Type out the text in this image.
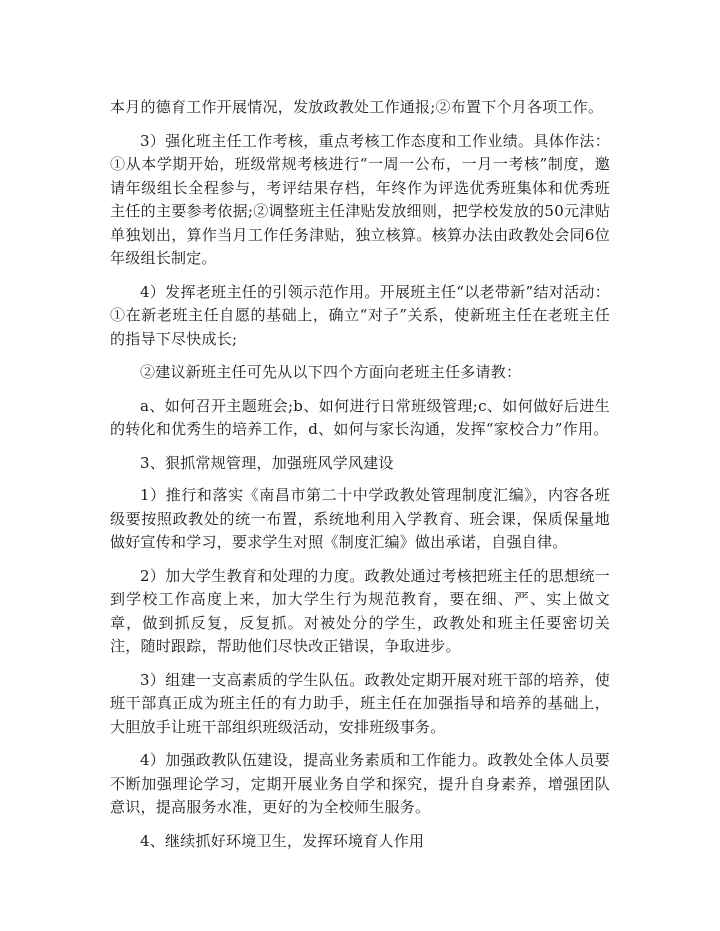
本月的德育工作开展情况，发放政教处工作通报;②布置下个月各项工作。

3）强化班主任工作考核，重点考核工作态度和工作业绩。具体作法：①从本学期开始，班级常规考核进行“一周一公布，一月一考核”制度，邀请年级组长全程参与，考评结果存档，年终作为评选优秀班集体和优秀班主任的主要参考依据;②调整班主任津贴发放细则，把学校发放的50元津贴单独划出，算作当月工作任务津贴，独立核算。核算办法由政教处会同6位年级组长制定。

4）发挥老班主任的引领示范作用。开展班主任“以老带新”结对活动：①在新老班主任自愿的基础上，确立“对子”关系，使新班主任在老班主任的指导下尽快成长;

②建议新班主任可先从以下四个方面向老班主任多请教：

a、如何召开主题班会;b、如何进行日常班级管理;c、如何做好后进生的转化和优秀生的培养工作，d、如何与家长沟通，发挥“家校合力”作用。

3、狠抓常规管理，加强班风学风建设

1）推行和落实《南昌市第二十中学政教处管理制度汇编》，内容各班级要按照政教处的统一布置，系统地利用入学教育、班会课，保质保量地做好宣传和学习，要求学生对照《制度汇编》做出承诺，自强自律。

2）加大学生教育和处理的力度。政教处通过考核把班主任的思想统一到学校工作高度上来，加大学生行为规范教育，要在细、严、实上做文章，做到抓反复，反复抓。对被处分的学生，政教处和班主任要密切关注，随时跟踪，帮助他们尽快改正错误，争取进步。

3）组建一支高素质的学生队伍。政教处定期开展对班干部的培养，使班干部真正成为班主任的有力助手，班主任在加强指导和培养的基础上，大胆放手让班干部组织班级活动，安排班级事务。

4）加强政教队伍建设，提高业务素质和工作能力。政教处全体人员要不断加强理论学习，定期开展业务自学和探究，提升自身素养，增强团队意识，提高服务水准，更好的为全校师生服务。

4、继续抓好环境卫生，发挥环境育人作用
